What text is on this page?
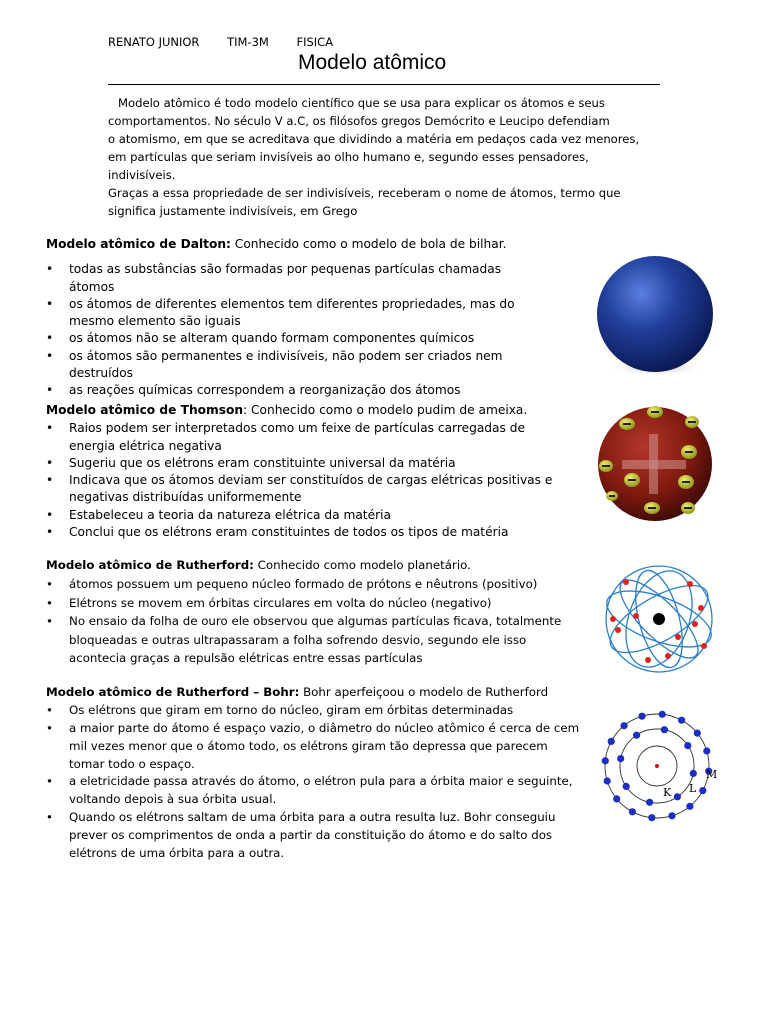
RENATO JUNIOR TIM-3M FISICA
Modelo atômico

Modelo atômico é todo modelo científico que se usa para explicar os átomos e seus

comportamentos. No século V a.C, os filósofos gregos Demócrito e Leucipo defendiam

o atomismo, em que se acreditava que dividindo a matéria em pedaços cada vez menores,

em partículas que seriam invisíveis ao olho humano e, segundo esses pensadores, indivisíveis.

Graças a essa propriedade de ser indivisíveis, receberam o nome de átomos, termo que

significa justamente indivisíveis, em Grego

Modelo atômico de Dalton: Conhecido como o modelo de bola de bilhar.

• todas as substâncias são formadas por pequenas partículas chamadas átomos
• os átomos de diferentes elementos tem diferentes propriedades, mas do mesmo elemento são iguais
• os átomos não se alteram quando formam componentes químicos
• os átomos são permanentes e indivisíveis, não podem ser criados nem destruídos
• as reações químicas correspondem a reorganização dos átomos

Modelo atômico de Thomson: Conhecido como o modelo pudim de ameixa.

• Raios podem ser interpretados como um feixe de partículas carregadas de energia elétrica negativa
• Sugeriu que os elétrons eram constituinte universal da matéria
• Indicava que os átomos deviam ser constituídos de cargas elétricas positivas e negativas distribuídas uniformemente
• Estabeleceu a teoria da natureza elétrica da matéria
• Conclui que os elétrons eram constituintes de todos os tipos de matéria

Modelo atômico de Rutherford: Conhecido como modelo planetário.

• átomos possuem um pequeno núcleo formado de prótons e nêutrons (positivo)
• Elétrons se movem em órbitas circulares em volta do núcleo (negativo)
• No ensaio da folha de ouro ele observou que algumas partículas ficava, totalmente bloqueadas e outras ultrapassaram a folha sofrendo desvio, segundo ele isso acontecia graças a repulsão elétricas entre essas partículas

Modelo atômico de Rutherford – Bohr: Bohr aperfeiçoou o modelo de Rutherford

• Os elétrons que giram em torno do núcleo, giram em órbitas determinadas
• a maior parte do átomo é espaço vazio, o diâmetro do núcleo atômico é cerca de cem mil vezes menor que o átomo todo, os elétrons giram tão depressa que parecem tomar todo o espaço.
• a eletricidade passa através do átomo, o elétron pula para a órbita maior e seguinte, voltando depois à sua órbita usual.
• Quando os elétrons saltam de uma órbita para a outra resulta luz. Bohr conseguiu prever os comprimentos de onda a partir da constituição do átomo e do salto dos elétrons de uma órbita para a outra.
K L
M
